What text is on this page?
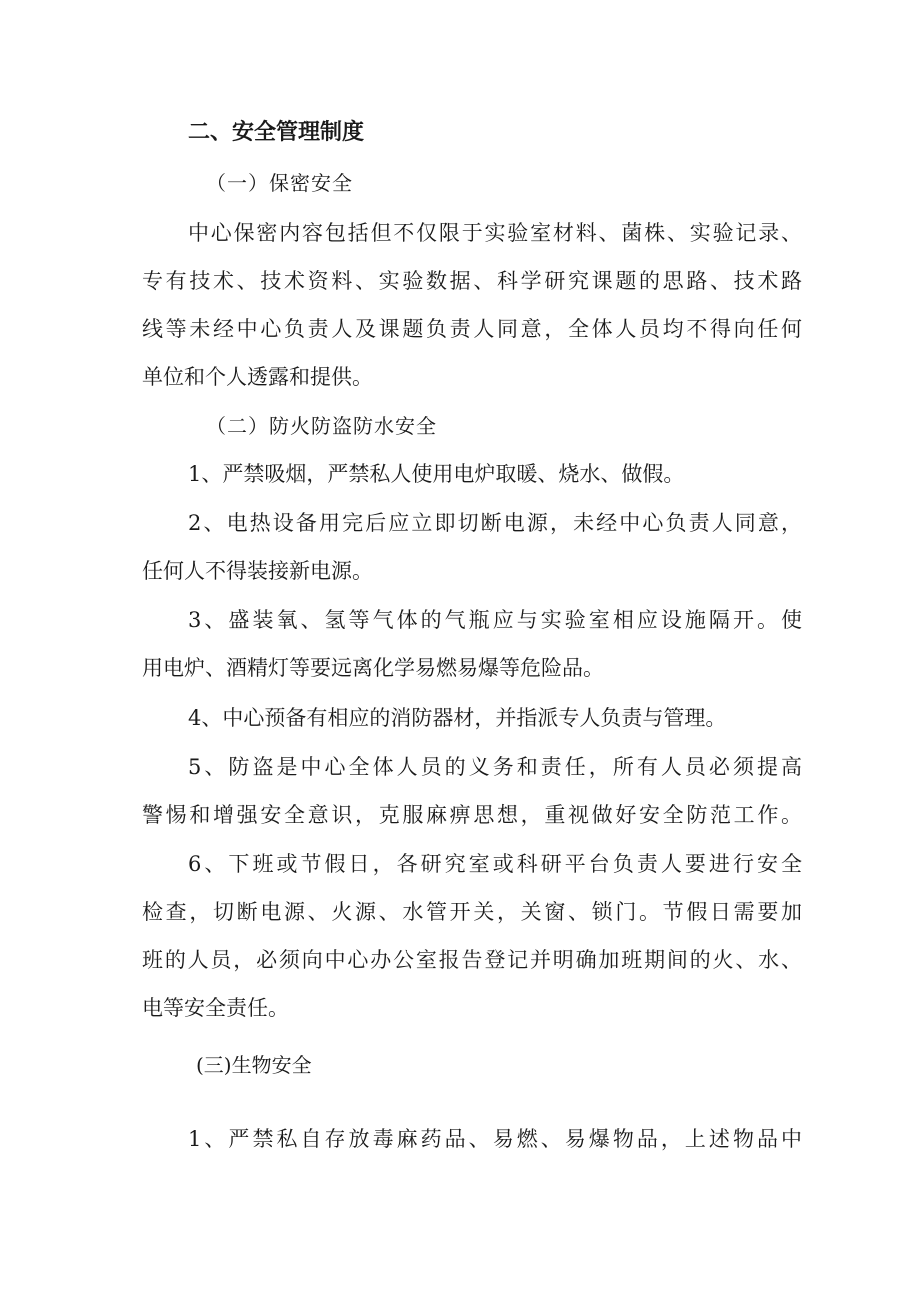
二、安全管理制度
（一）保密安全
中心保密内容包括但不仅限于实验室材料、菌株、实验记录、
专有技术、技术资料、实验数据、科学研究课题的思路、技术路
线等未经中心负责人及课题负责人同意，全体人员均不得向任何
单位和个人透露和提供。
（二）防火防盗防水安全
1、严禁吸烟，严禁私人使用电炉取暖、烧水、做假。
2、电热设备用完后应立即切断电源，未经中心负责人同意，
任何人不得装接新电源。
3、盛装氧、氢等气体的气瓶应与实验室相应设施隔开。使
用电炉、酒精灯等要远离化学易燃易爆等危险品。
4、中心预备有相应的消防器材，并指派专人负责与管理。
5、防盗是中心全体人员的义务和责任，所有人员必须提高
警惕和增强安全意识，克服麻痹思想，重视做好安全防范工作。
6、下班或节假日，各研究室或科研平台负责人要进行安全
检查，切断电源、火源、水管开关，关窗、锁门。节假日需要加
班的人员，必须向中心办公室报告登记并明确加班期间的火、水、
电等安全责任。
(三)生物安全
1、严禁私自存放毒麻药品、易燃、易爆物品，上述物品中
